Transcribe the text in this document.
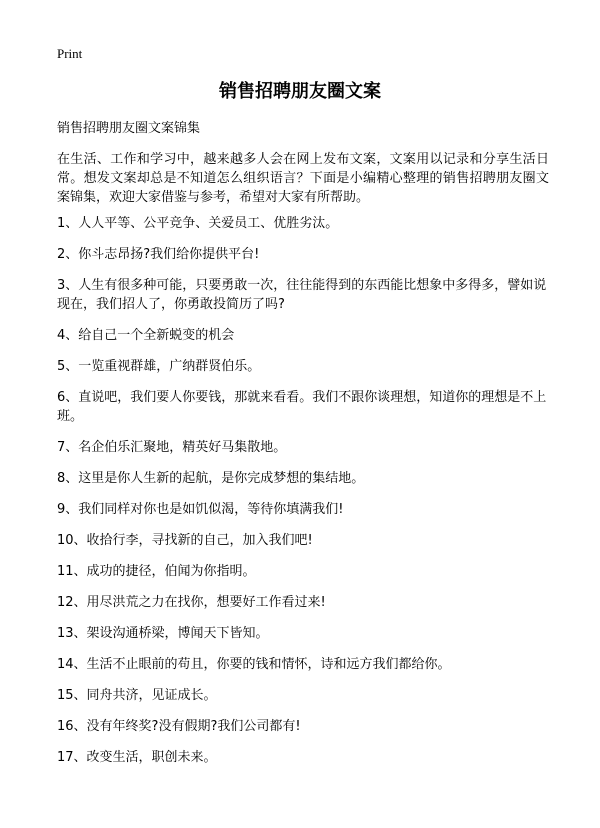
Print
销售招聘朋友圈文案

销售招聘朋友圈文案锦集

在生活、工作和学习中，越来越多人会在网上发布文案，文案用以记录和分享生活日常。想发文案却总是不知道怎么组织语言？下面是小编精心整理的销售招聘朋友圈文案锦集，欢迎大家借鉴与参考，希望对大家有所帮助。

1、人人平等、公平竞争、关爱员工、优胜劣汰。
2、你斗志昂扬?我们给你提供平台!
3、人生有很多种可能，只要勇敢一次，往往能得到的东西能比想象中多得多，譬如说现在，我们招人了，你勇敢投简历了吗?
4、给自己一个全新蜕变的机会
5、一览重视群雄，广纳群贤伯乐。
6、直说吧，我们要人你要钱，那就来看看。我们不跟你谈理想，知道你的理想是不上班。
7、名企伯乐汇聚地，精英好马集散地。
8、这里是你人生新的起航，是你完成梦想的集结地。
9、我们同样对你也是如饥似渴，等待你填满我们!
10、收拾行李，寻找新的自己，加入我们吧!
11、成功的捷径，伯闻为你指明。
12、用尽洪荒之力在找你，想要好工作看过来!
13、架设沟通桥梁，博闻天下皆知。
14、生活不止眼前的苟且，你要的钱和情怀，诗和远方我们都给你。
15、同舟共济，见证成长。
16、没有年终奖?没有假期?我们公司都有!
17、改变生活，职创未来。
